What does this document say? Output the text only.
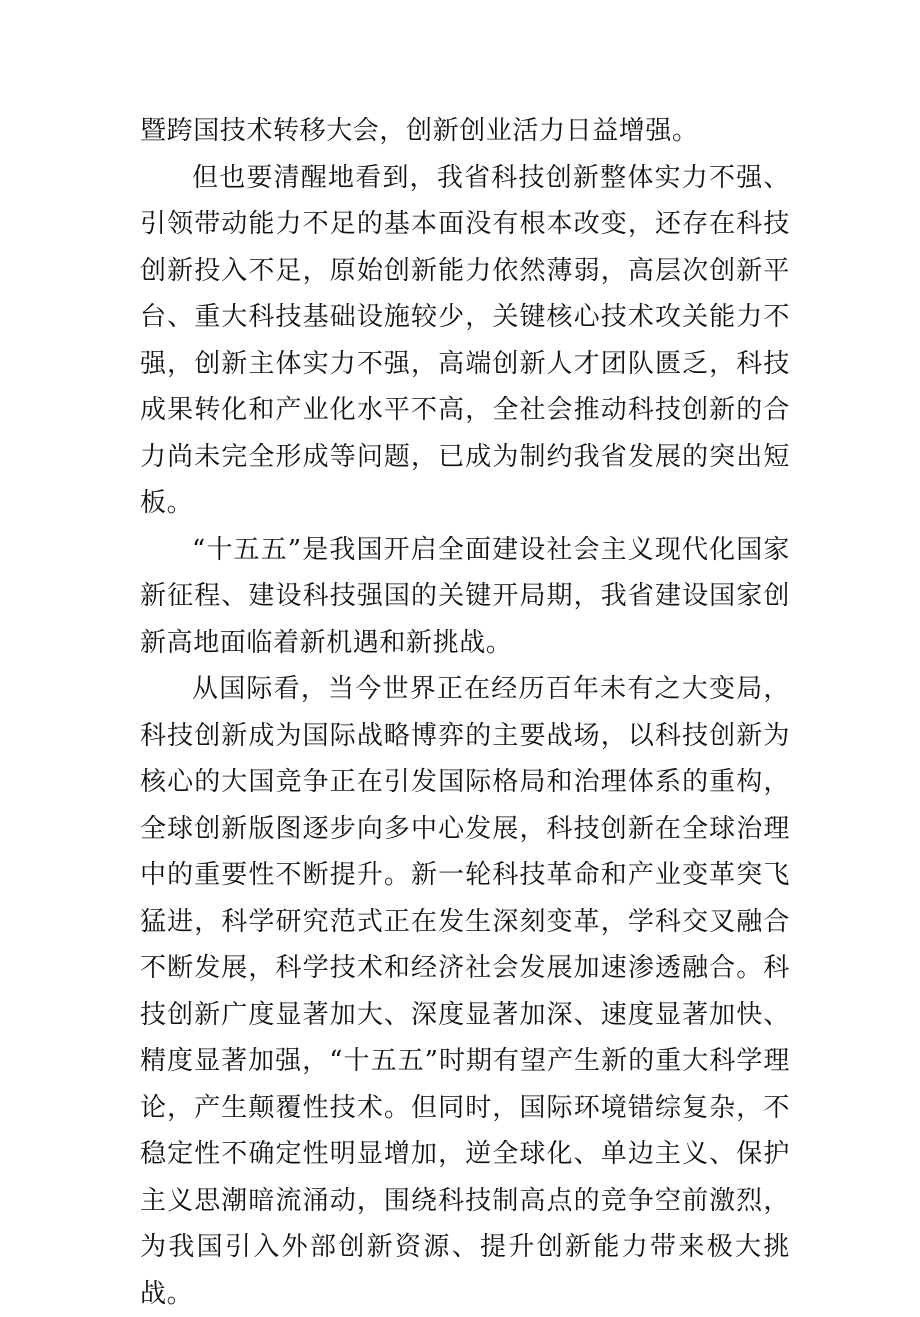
暨跨国技术转移大会，创新创业活力日益增强。

但也要清醒地看到，我省科技创新整体实力不强、引领带动能力不足的基本面没有根本改变，还存在科技创新投入不足，原始创新能力依然薄弱，高层次创新平台、重大科技基础设施较少，关键核心技术攻关能力不强，创新主体实力不强，高端创新人才团队匮乏，科技成果转化和产业化水平不高，全社会推动科技创新的合力尚未完全形成等问题，已成为制约我省发展的突出短板。

“十五五”是我国开启全面建设社会主义现代化国家新征程、建设科技强国的关键开局期，我省建设国家创新高地面临着新机遇和新挑战。

从国际看，当今世界正在经历百年未有之大变局，科技创新成为国际战略博弈的主要战场，以科技创新为核心的大国竞争正在引发国际格局和治理体系的重构，全球创新版图逐步向多中心发展，科技创新在全球治理中的重要性不断提升。新一轮科技革命和产业变革突飞猛进，科学研究范式正在发生深刻变革，学科交叉融合不断发展，科学技术和经济社会发展加速渗透融合。科技创新广度显著加大、深度显著加深、速度显著加快、精度显著加强，“十五五”时期有望产生新的重大科学理论，产生颠覆性技术。但同时，国际环境错综复杂，不稳定性不确定性明显增加，逆全球化、单边主义、保护主义思潮暗流涌动，围绕科技制高点的竞争空前激烈，为我国引入外部创新资源、提升创新能力带来极大挑战。
